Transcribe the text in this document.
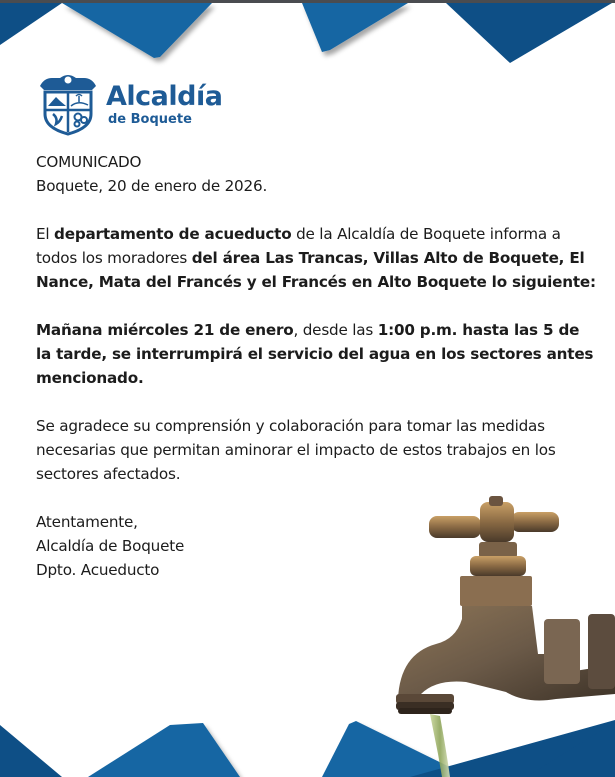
Alcaldía
de Boquete

COMUNICADO

Boquete, 20 de enero de 2026.

El departamento de acueducto de la Alcaldía de Boquete informa a todos los moradores del área Las Trancas, Villas Alto de Boquete, El Nance, Mata del Francés y el Francés en Alto Boquete lo siguiente:

Mañana miércoles 21 de enero, desde las 1:00 p.m. hasta las 5 de la tarde, se interrumpirá el servicio del agua en los sectores antes mencionado.

Se agradece su comprensión y colaboración para tomar las medidas necesarias que permitan aminorar el impacto de estos trabajos en los sectores afectados.

Atentamente,

Alcaldía de Boquete

Dpto. Acueducto
